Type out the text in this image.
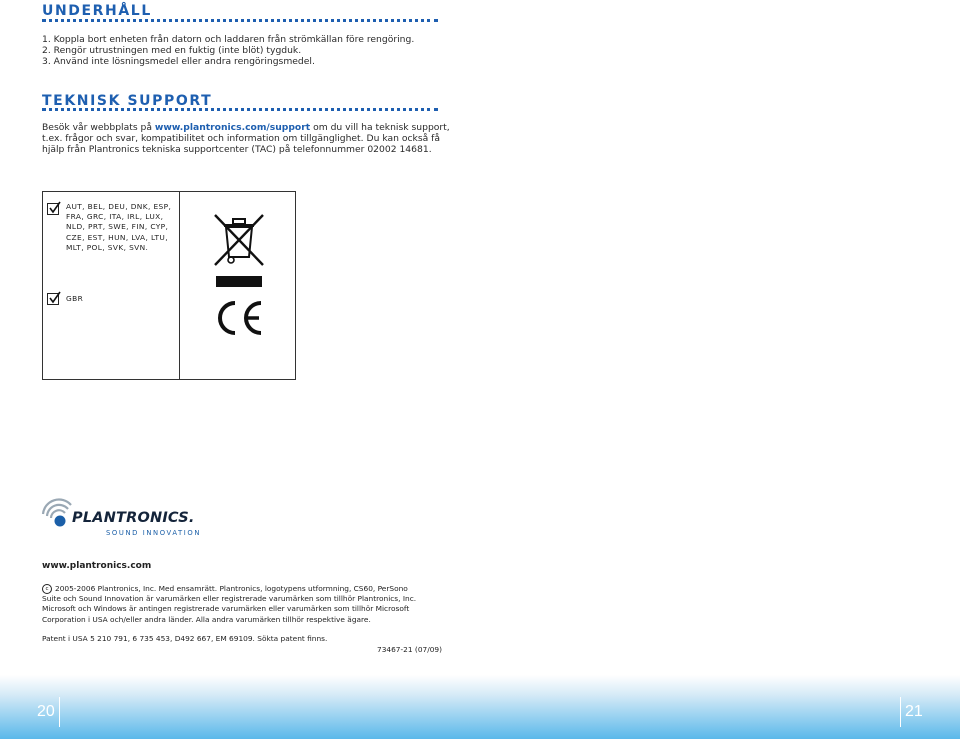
UNDERHÅLL
1. Koppla bort enheten från datorn och laddaren från strömkällan före rengöring.
2. Rengör utrustningen med en fuktig (inte blöt) tygduk.
3. Använd inte lösningsmedel eller andra rengöringsmedel.
TEKNISK SUPPORT
Besök vår webbplats på www.plantronics.com/support om du vill ha teknisk support,
t.ex. frågor och svar, kompatibilitet och information om tillgänglighet. Du kan också få
hjälp från Plantronics tekniska supportcenter (TAC) på telefonnummer 02002 14681.
AUT, BEL, DEU, DNK, ESP,
FRA, GRC, ITA, IRL, LUX,
NLD, PRT, SWE, FIN, CYP,
CZE, EST, HUN, LVA, LTU,
MLT, POL, SVK, SVN.
GBR
PLANTRONICS.
SOUND INNOVATION
www.plantronics.com
c 2005-2006 Plantronics, Inc. Med ensamrätt. Plantronics, logotypens utformning, CS60, PerSono
Suite och Sound Innovation är varumärken eller registrerade varumärken som tillhör Plantronics, Inc.
Microsoft och Windows är antingen registrerade varumärken eller varumärken som tillhör Microsoft
Corporation i USA och/eller andra länder. Alla andra varumärken tillhör respektive ägare.
Patent i USA 5 210 791, 6 735 453, D492 667, EM 69109. Sökta patent finns.
73467-21 (07/09)
20	21
